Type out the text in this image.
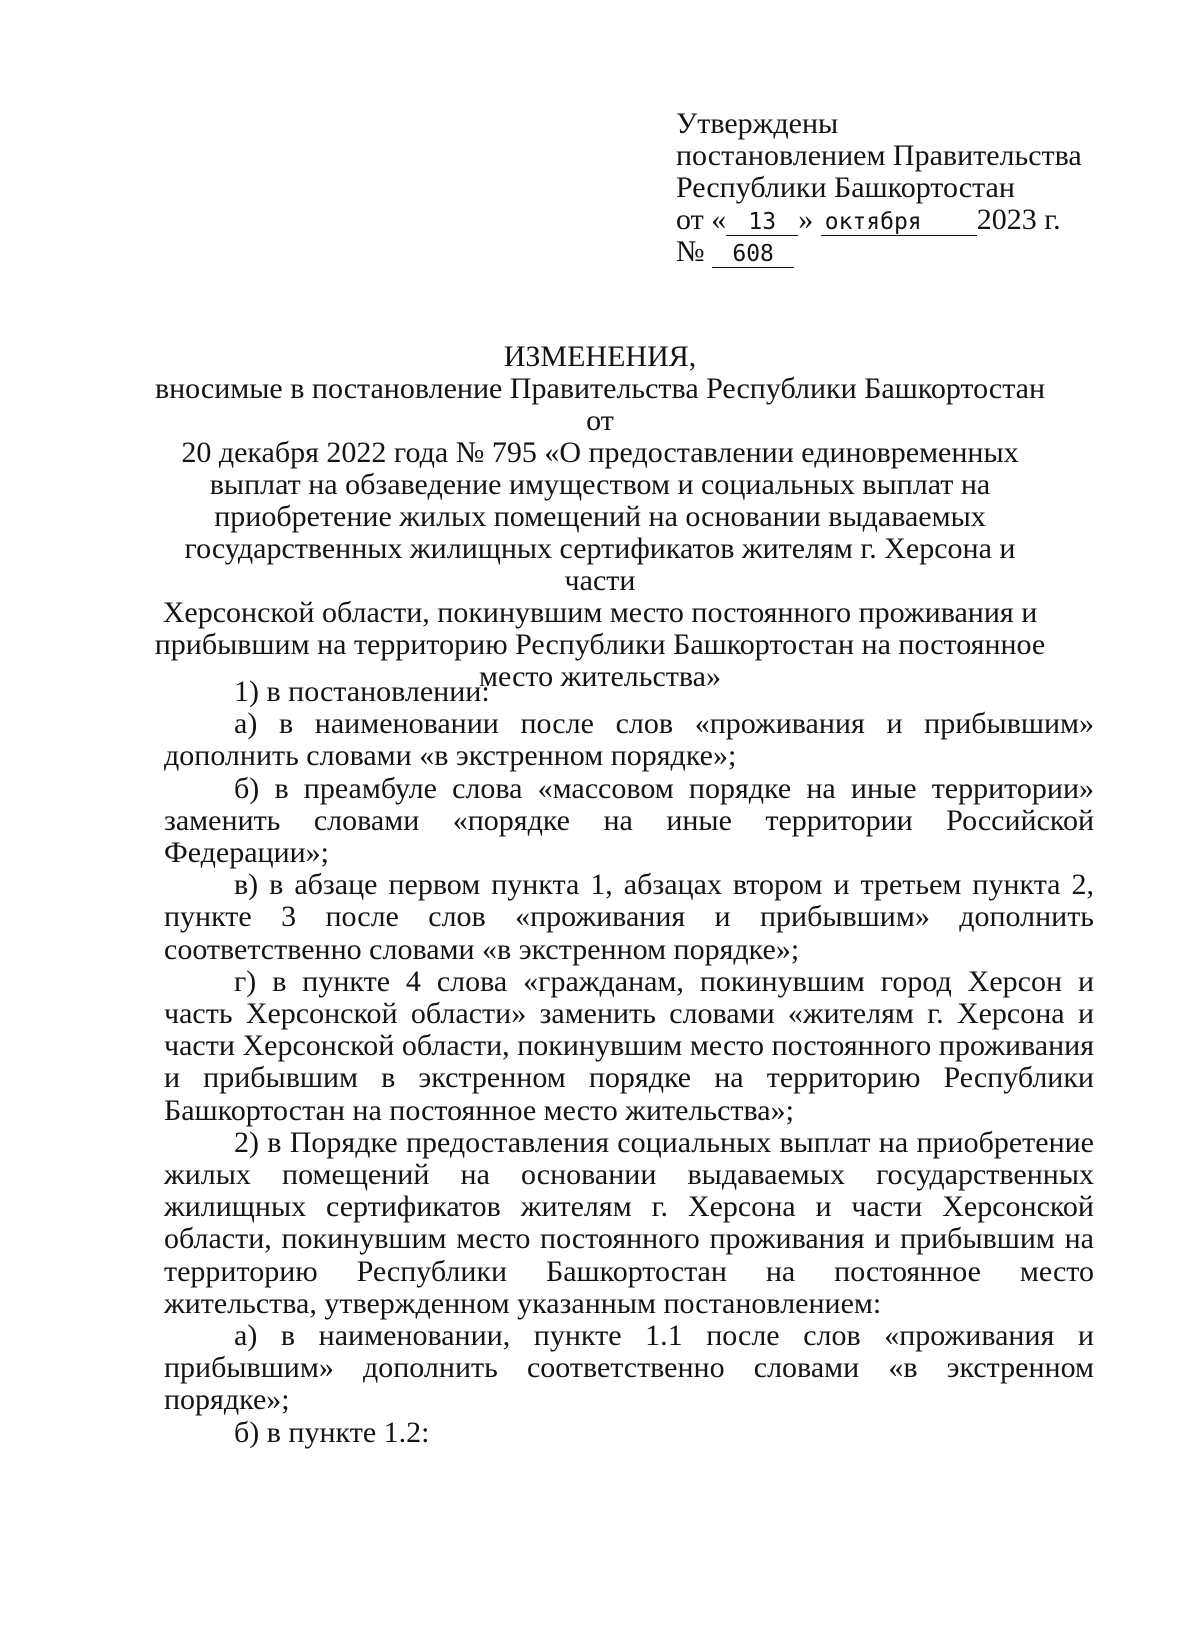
Утверждены
постановлением Правительства
Республики Башкортостан
от « 13 » октября 2023 г.
№ 608
ИЗМЕНЕНИЯ,
вносимые в постановление Правительства Республики Башкортостан от
20 декабря 2022 года № 795 «О предоставлении единовременных
выплат на обзаведение имуществом и социальных выплат на
приобретение жилых помещений на основании выдаваемых
государственных жилищных сертификатов жителям г. Херсона и части
Херсонской области, покинувшим место постоянного проживания и
прибывшим на территорию Республики Башкортостан на постоянное
место жительства»

1) в постановлении:

а) в наименовании после слов «проживания и прибывшим» дополнить словами «в экстренном порядке»;

б) в преамбуле слова «массовом порядке на иные территории» заменить словами «порядке на иные территории Российской Федерации»;

в) в абзаце первом пункта 1, абзацах втором и третьем пункта 2, пункте 3 после слов «проживания и прибывшим» дополнить соответственно словами «в экстренном порядке»;

г) в пункте 4 слова «гражданам, покинувшим город Херсон и часть Херсонской области» заменить словами «жителям г. Херсона и части Херсонской области, покинувшим место постоянного проживания и прибывшим в экстренном порядке на территорию Республики Башкортостан на постоянное место жительства»;

2) в Порядке предоставления социальных выплат на приобретение жилых помещений на основании выдаваемых государственных жилищных сертификатов жителям г. Херсона и части Херсонской области, покинувшим место постоянного проживания и прибывшим на территорию Республики Башкортостан на постоянное место жительства, утвержденном указанным постановлением:

а) в наименовании, пункте 1.1 после слов «проживания и прибывшим» дополнить соответственно словами «в экстренном порядке»;

б) в пункте 1.2:
